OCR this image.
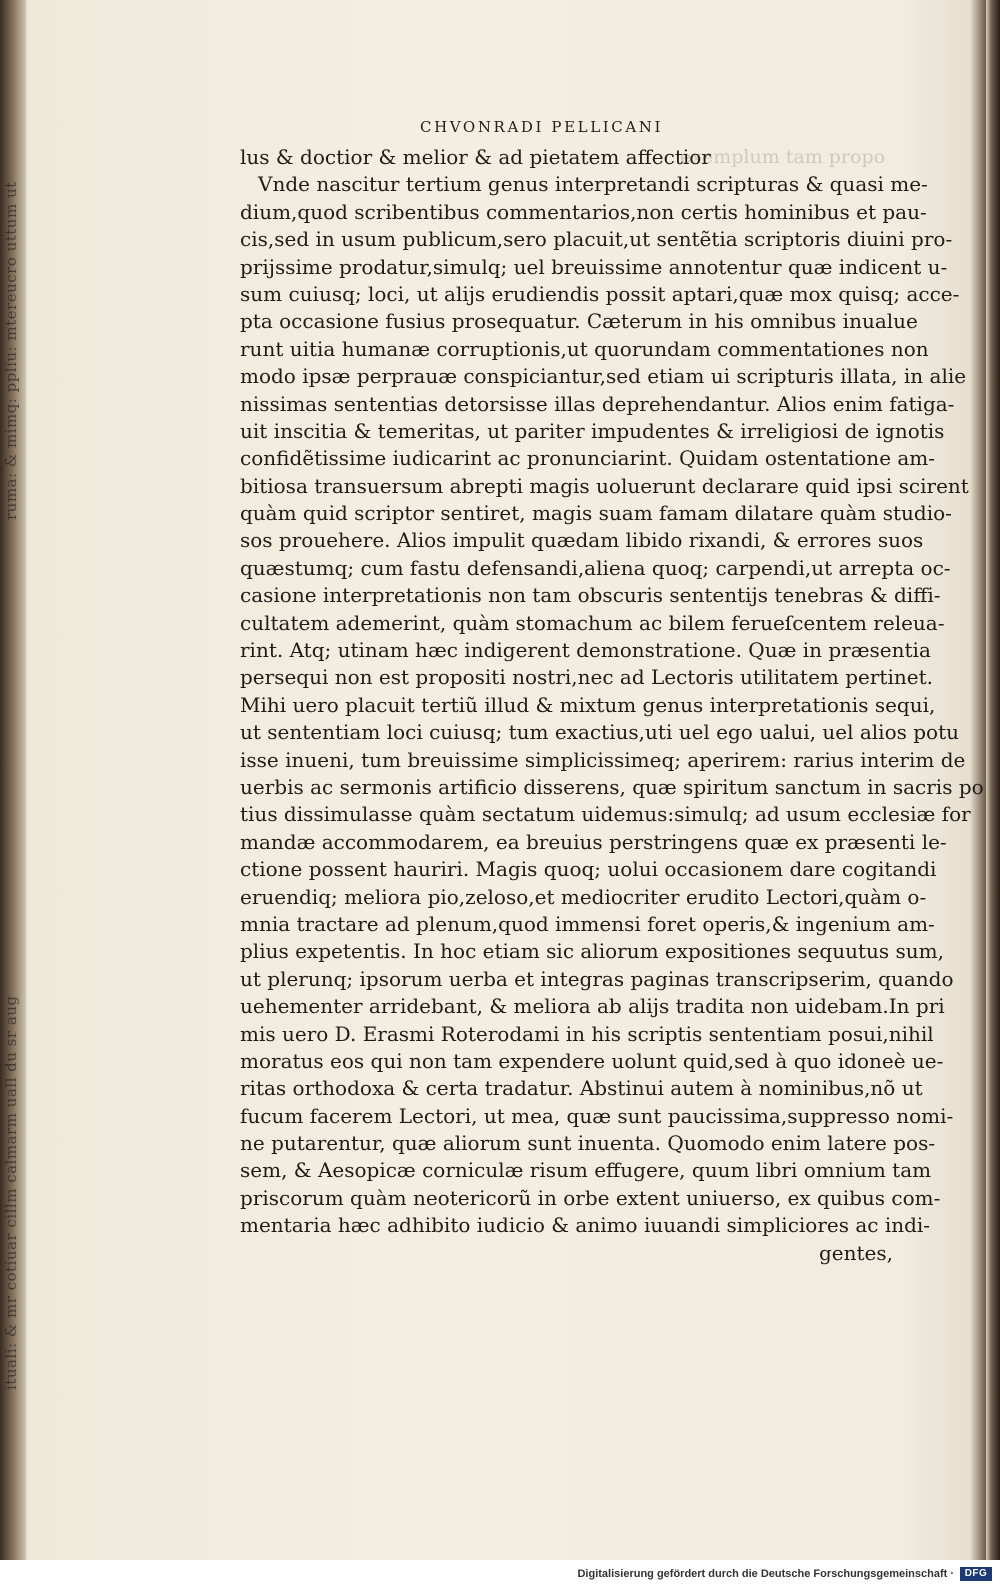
ruma: & mimq: ppliu: mtereucro uttum ut
ituali: & mr cotiuar cillm calmarm uall du sr aug
CHVONRADI PELLICANI
exemplum tam propo
lus & doctior & melior & ad pietatem affectior
Vnde nascitur tertium genus interpretandi scripturas & quasi me-
dium,quod scribentibus commentarios,non certis hominibus et pau-
cis,sed in usum publicum,sero placuit,ut sentẽtia scriptoris diuini pro-
prijssime prodatur,simulq; uel breuissime annotentur quæ indicent u-
sum cuiusq; loci, ut alijs erudiendis possit aptari,quæ mox quisq; acce-
pta occasione fusius prosequatur. Cæterum in his omnibus inualue
runt uitia humanæ corruptionis,ut quorundam commentationes non
modo ipsæ perprauæ conspiciantur,sed etiam ui scripturis illata, in alie
nissimas sententias detorsisse illas deprehendantur. Alios enim fatiga-
uit inscitia & temeritas, ut pariter impudentes & irreligiosi de ignotis
confidẽtissime iudicarint ac pronunciarint. Quidam ostentatione am-
bitiosa transuersum abrepti magis uoluerunt declarare quid ipsi scirent
quàm quid scriptor sentiret, magis suam famam dilatare quàm studio-
sos prouehere. Alios impulit quædam libido rixandi, & errores suos
quæstumq; cum fastu defensandi,aliena quoq; carpendi,ut arrepta oc-
casione interpretationis non tam obscuris sententijs tenebras & diffi-
cultatem ademerint, quàm stomachum ac bilem ferueſcentem releua-
rint. Atq; utinam hæc indigerent demonstratione. Quæ in præsentia
persequi non est propositi nostri,nec ad Lectoris utilitatem pertinet.
Mihi uero placuit tertiũ illud & mixtum genus interpretationis sequi,
ut sententiam loci cuiusq; tum exactius,uti uel ego ualui, uel alios potu
isse inueni, tum breuissime simplicissimeq; aperirem: rarius interim de
uerbis ac sermonis artificio disserens, quæ spiritum sanctum in sacris po
tius dissimulasse quàm sectatum uidemus:simulq; ad usum ecclesiæ for
mandæ accommodarem, ea breuius perstringens quæ ex præsenti le-
ctione possent hauriri. Magis quoq; uolui occasionem dare cogitandi
eruendiq; meliora pio,zeloso,et mediocriter erudito Lectori,quàm o-
mnia tractare ad plenum,quod immensi foret operis,& ingenium am-
plius expetentis. In hoc etiam sic aliorum expositiones sequutus sum,
ut plerunq; ipsorum uerba et integras paginas transcripserim, quando
uehementer arridebant, & meliora ab alijs tradita non uidebam.In pri
mis uero D. Erasmi Roterodami in his scriptis sententiam posui,nihil
moratus eos qui non tam expendere uolunt quid,sed à quo idoneè ue-
ritas orthodoxa & certa tradatur. Abstinui autem à nominibus,nõ ut
fucum facerem Lectori, ut mea, quæ sunt paucissima,suppresso nomi-
ne putarentur, quæ aliorum sunt inuenta. Quomodo enim latere pos-
sem, & Aesopicæ corniculæ risum effugere, quum libri omnium tam
priscorum quàm neotericorũ in orbe extent uniuerso, ex quibus com-
mentaria hæc adhibito iudicio & animo iuuandi simpliciores ac indi-
gentes,
Digitalisierung gefördert durch die Deutsche Forschungsgemeinschaft ·	DFG
